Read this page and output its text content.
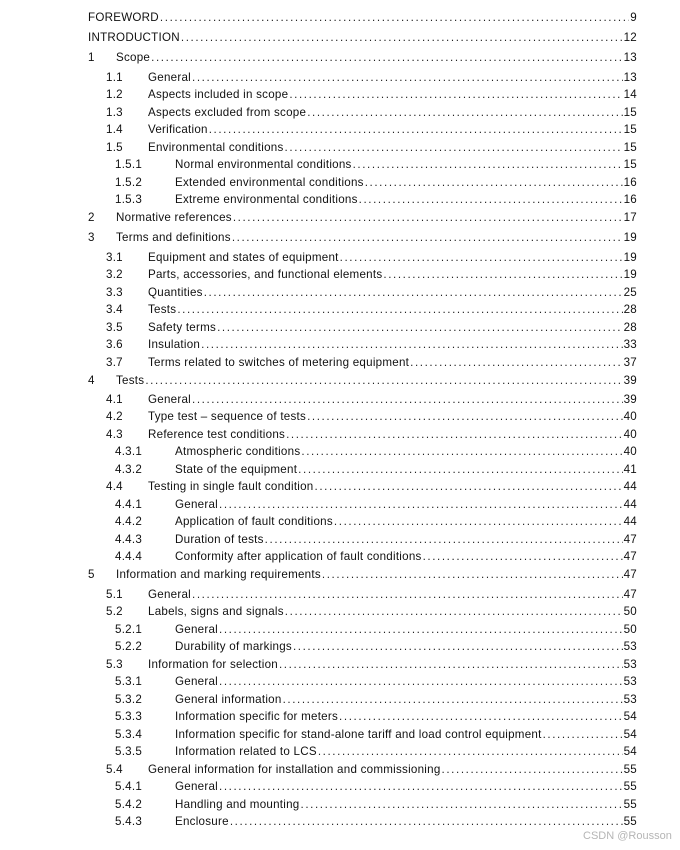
FOREWORD .....	9
INTRODUCTION .....	12
1	Scope .....	13
1.1	General .....	13
1.2	Aspects included in scope .....	14
1.3	Aspects excluded from scope .....	15
1.4	Verification .....	15
1.5	Environmental conditions .....	15
1.5.1	Normal environmental conditions .....	15
1.5.2	Extended environmental conditions .....	16
1.5.3	Extreme environmental conditions .....	16
2	Normative references .....	17
3	Terms and definitions .....	19
3.1	Equipment and states of equipment .....	19
3.2	Parts, accessories, and functional elements .....	19
3.3	Quantities .....	25
3.4	Tests .....	28
3.5	Safety terms .....	28
3.6	Insulation .....	33
3.7	Terms related to switches of metering equipment .....	37
4	Tests .....	39
4.1	General .....	39
4.2	Type test – sequence of tests .....	40
4.3	Reference test conditions .....	40
4.3.1	Atmospheric conditions .....	40
4.3.2	State of the equipment .....	41
4.4	Testing in single fault condition .....	44
4.4.1	General .....	44
4.4.2	Application of fault conditions .....	44
4.4.3	Duration of tests .....	47
4.4.4	Conformity after application of fault conditions .....	47
5	Information and marking requirements .....	47
5.1	General .....	47
5.2	Labels, signs and signals .....	50
5.2.1	General .....	50
5.2.2	Durability of markings .....	53
5.3	Information for selection .....	53
5.3.1	General .....	53
5.3.2	General information .....	53
5.3.3	Information specific for meters .....	54
5.3.4	Information specific for stand-alone tariff and load control equipment .....	54
5.3.5	Information related to LCS .....	54
5.4	General information for installation and commissioning .....	55
5.4.1	General .....	55
5.4.2	Handling and mounting .....	55
5.4.3	Enclosure .....	55
CSDN @Rousson
